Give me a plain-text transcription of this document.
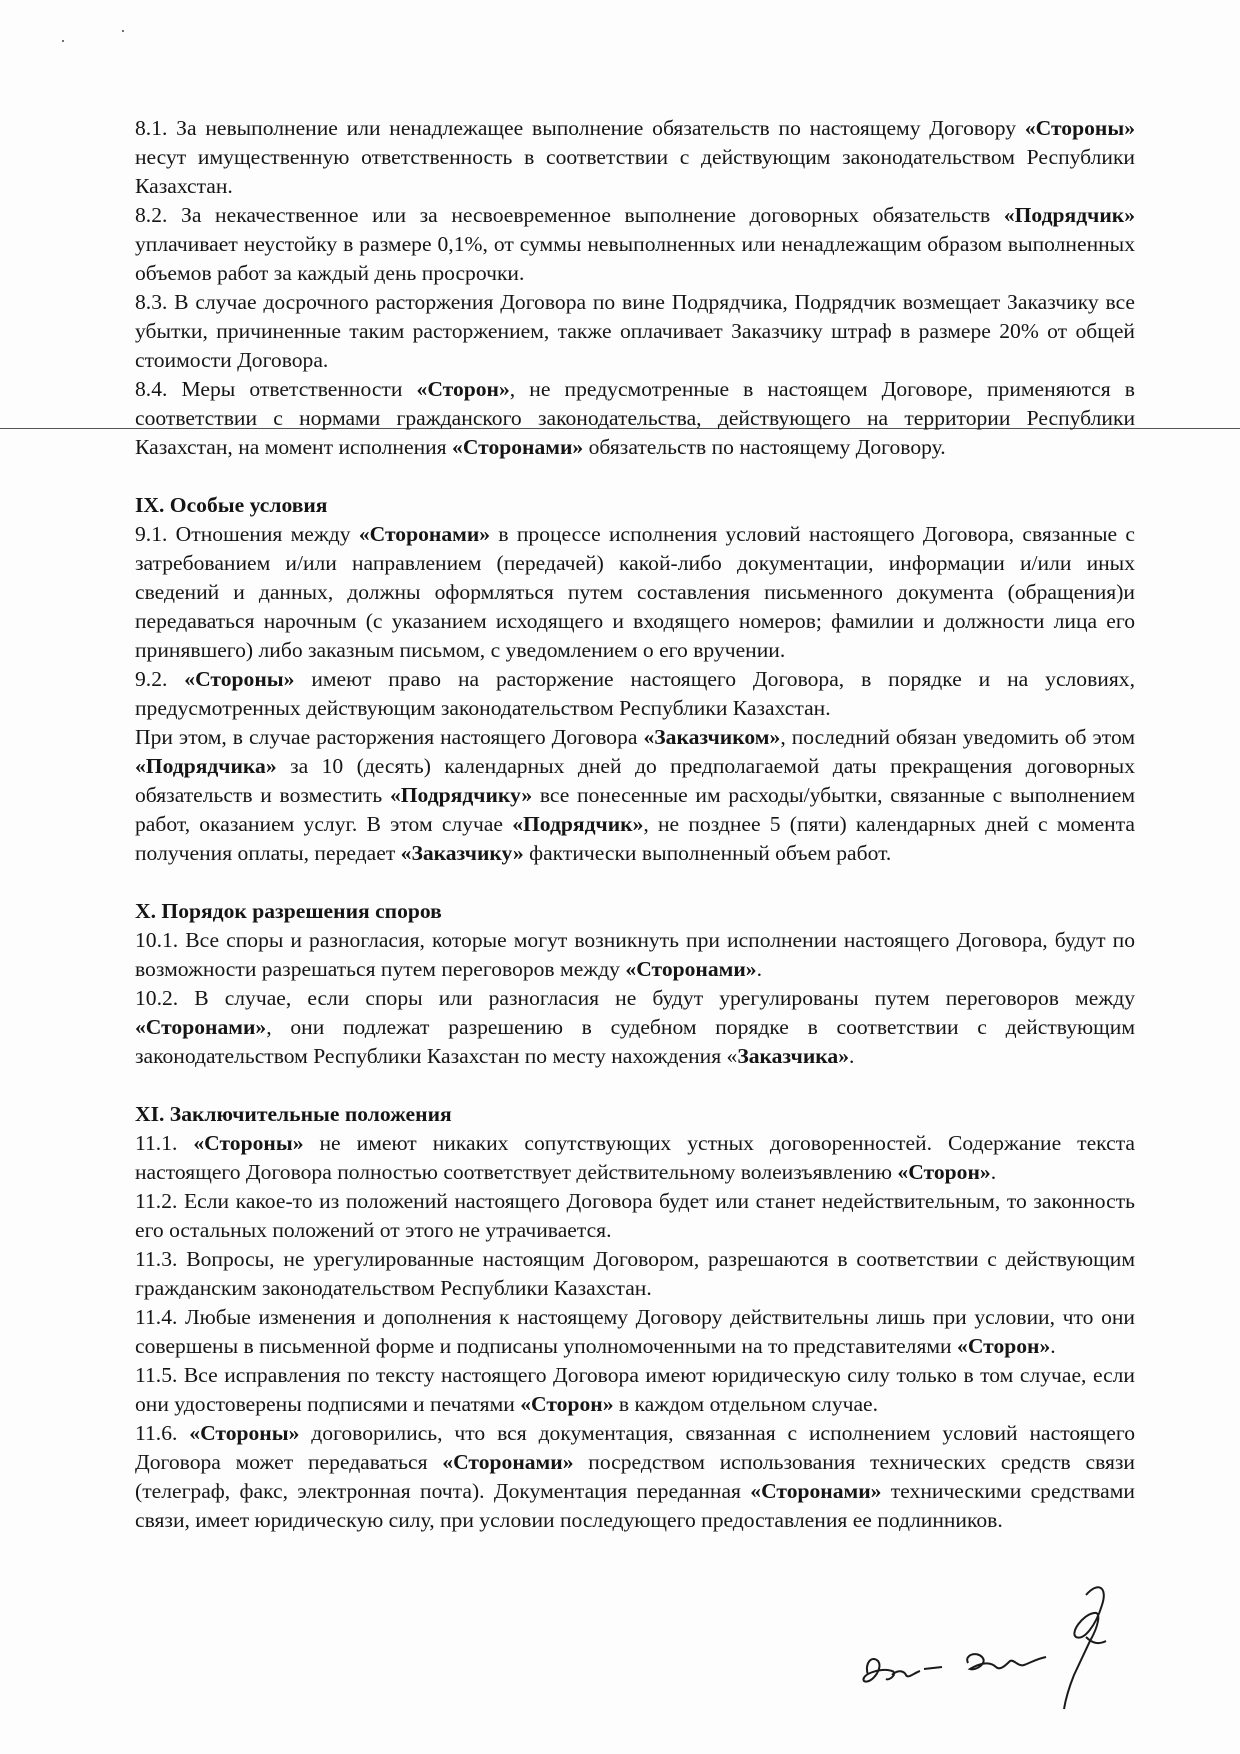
8.1. За невыполнение или ненадлежащее выполнение обязательств по настоящему Договору «Стороны» несут имущественную ответственность в соответствии с действующим законодательством Республики Казахстан.

8.2. За некачественное или за несвоевременное выполнение договорных обязательств «Подрядчик» уплачивает неустойку в размере 0,1%, от суммы невыполненных или ненадлежащим образом выполненных объемов работ за каждый день просрочки.

8.3. В случае досрочного расторжения Договора по вине Подрядчика, Подрядчик возмещает Заказчику все убытки, причиненные таким расторжением, также оплачивает Заказчику штраф в размере 20% от общей стоимости Договора.

8.4. Меры ответственности «Сторон», не предусмотренные в настоящем Договоре, применяются в соответствии с нормами гражданского законодательства, действующего на территории Республики Казахстан, на момент исполнения «Сторонами» обязательств по настоящему Договору.

IX. Особые условия

9.1. Отношения между «Сторонами» в процессе исполнения условий настоящего Договора, связанные с затребованием и/или направлением (передачей) какой-либо документации, информации и/или иных сведений и данных, должны оформляться путем составления письменного документа (обращения)и передаваться нарочным (с указанием исходящего и входящего номеров; фамилии и должности лица его принявшего) либо заказным письмом, с уведомлением о его вручении.

9.2. «Стороны» имеют право на расторжение настоящего Договора, в порядке и на условиях, предусмотренных действующим законодательством Республики Казахстан.

При этом, в случае расторжения настоящего Договора «Заказчиком», последний обязан уведомить об этом «Подрядчика» за 10 (десять) календарных дней до предполагаемой даты прекращения договорных обязательств и возместить «Подрядчику» все понесенные им расходы/убытки, связанные с выполнением работ, оказанием услуг. В этом случае «Подрядчик», не позднее 5 (пяти) календарных дней с момента получения оплаты, передает «Заказчику» фактически выполненный объем работ.

X. Порядок разрешения споров

10.1. Все споры и разногласия, которые могут возникнуть при исполнении настоящего Договора, будут по возможности разрешаться путем переговоров между «Сторонами».

10.2. В случае, если споры или разногласия не будут урегулированы путем переговоров между «Сторонами», они подлежат разрешению в судебном порядке в соответствии с действующим законодательством Республики Казахстан по месту нахождения «Заказчика».

XI. Заключительные положения

11.1. «Стороны» не имеют никаких сопутствующих устных договоренностей. Содержание текста настоящего Договора полностью соответствует действительному волеизъявлению «Сторон».

11.2. Если какое-то из положений настоящего Договора будет или станет недействительным, то законность его остальных положений от этого не утрачивается.

11.3. Вопросы, не урегулированные настоящим Договором, разрешаются в соответствии с действующим гражданским законодательством Республики Казахстан.

11.4. Любые изменения и дополнения к настоящему Договору действительны лишь при условии, что они совершены в письменной форме и подписаны уполномоченными на то представителями «Сторон».

11.5. Все исправления по тексту настоящего Договора имеют юридическую силу только в том случае, если они удостоверены подписями и печатями «Сторон» в каждом отдельном случае.

11.6. «Стороны» договорились, что вся документация, связанная с исполнением условий настоящего Договора может передаваться «Сторонами» посредством использования технических средств связи (телеграф, факс, электронная почта). Документация переданная «Сторонами» техническими средствами связи, имеет юридическую силу, при условии последующего предоставления ее подлинников.
